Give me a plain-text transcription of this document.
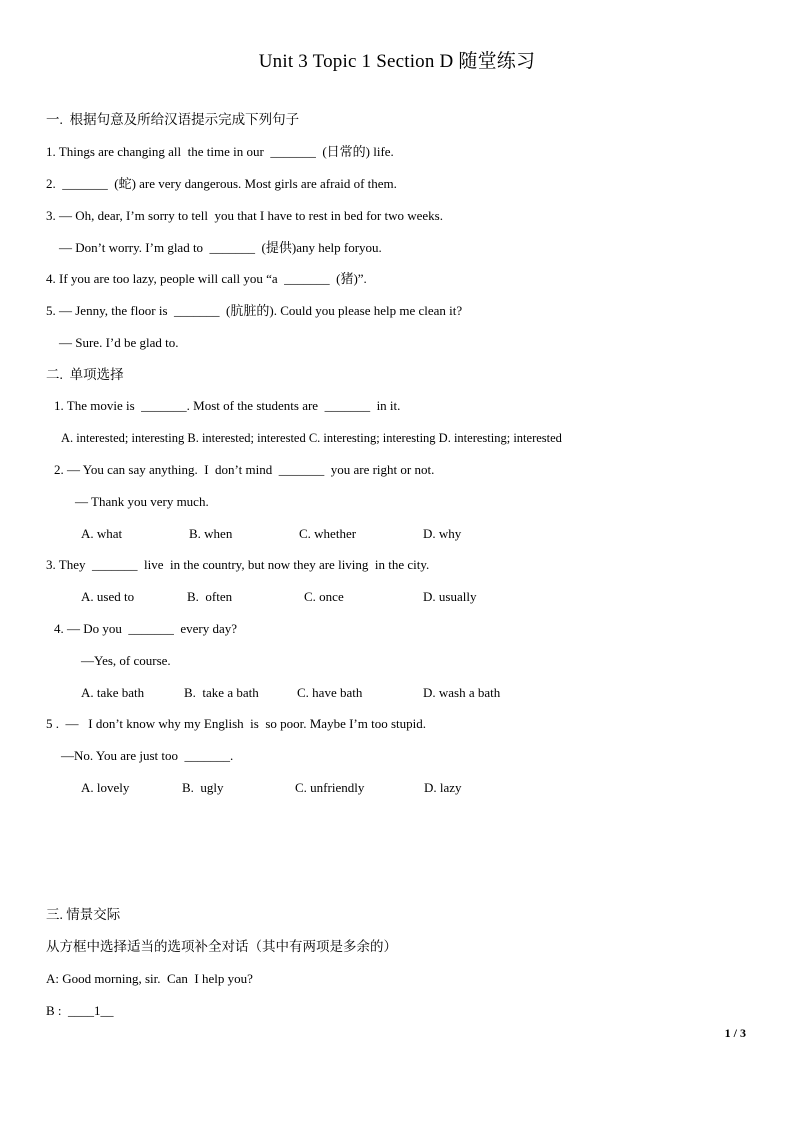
Unit 3 Topic 1 Section D 随堂练习
一.  根据句意及所给汉语提示完成下列句子
1. Things are changing all  the time in our  _______  (日常的) life.
2.  _______  (蛇) are very dangerous. Most girls are afraid of them.
3. — Oh, dear, I’m sorry to tell  you that I have to rest in bed for two weeks.
— Don’t worry. I’m glad to  _______  (提供)any help foryou.
4. If you are too lazy, people will call you “a  _______  (猪)”.
5. — Jenny, the floor is  _______  (肮脏的). Could you please help me clean it?
— Sure. I’d be glad to.
二.  单项选择
1. The movie is  _______. Most of the students are  _______  in it.
A. interested; interesting B. interested; interested C. interesting; interesting D. interesting; interested
2. — You can say anything.  I  don’t mind  _______  you are right or not.
— Thank you very much.
A. what	B. when	C. whether	D. why
3. They  _______  live  in the country, but now they are living  in the city.
A. used to	B.  often	C. once	D. usually
4. — Do you  _______  every day?
—Yes, of course.
A. take bath	B.  take a bath	C. have bath	D. wash a bath
5 .  —   I don’t know why my English  is  so poor. Maybe I’m too stupid.
—No. You are just too  _______.
A. lovely	B.  ugly	C. unfriendly	D. lazy
三. 情景交际
从方框中选择适当的选项补全对话（其中有两项是多余的）
A: Good morning, sir.  Can  I help you?
B :  ____1__
1 / 3
